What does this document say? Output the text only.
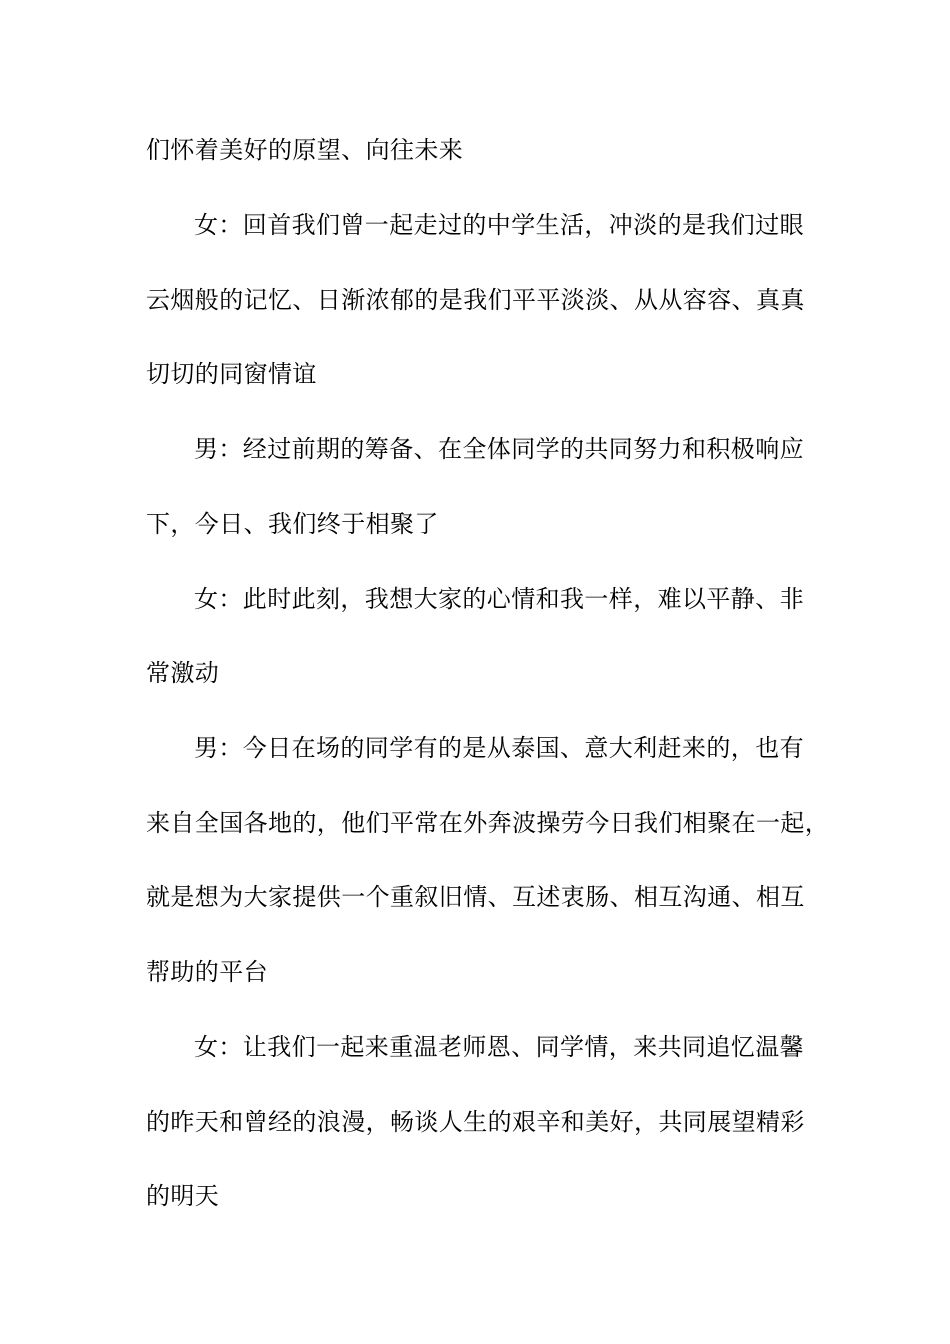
们怀着美好的原望、向往未来
女：回首我们曾一起走过的中学生活，冲淡的是我们过眼
云烟般的记忆、日渐浓郁的是我们平平淡淡、从从容容、真真
切切的同窗情谊
男：经过前期的筹备、在全体同学的共同努力和积极响应
下，今日、我们终于相聚了
女：此时此刻，我想大家的心情和我一样，难以平静、非
常激动
男：今日在场的同学有的是从泰国、意大利赶来的，也有
来自全国各地的，他们平常在外奔波操劳今日我们相聚在一起，
就是想为大家提供一个重叙旧情、互述衷肠、相互沟通、相互
帮助的平台
女：让我们一起来重温老师恩、同学情，来共同追忆温馨
的昨天和曾经的浪漫，畅谈人生的艰辛和美好，共同展望精彩
的明天
